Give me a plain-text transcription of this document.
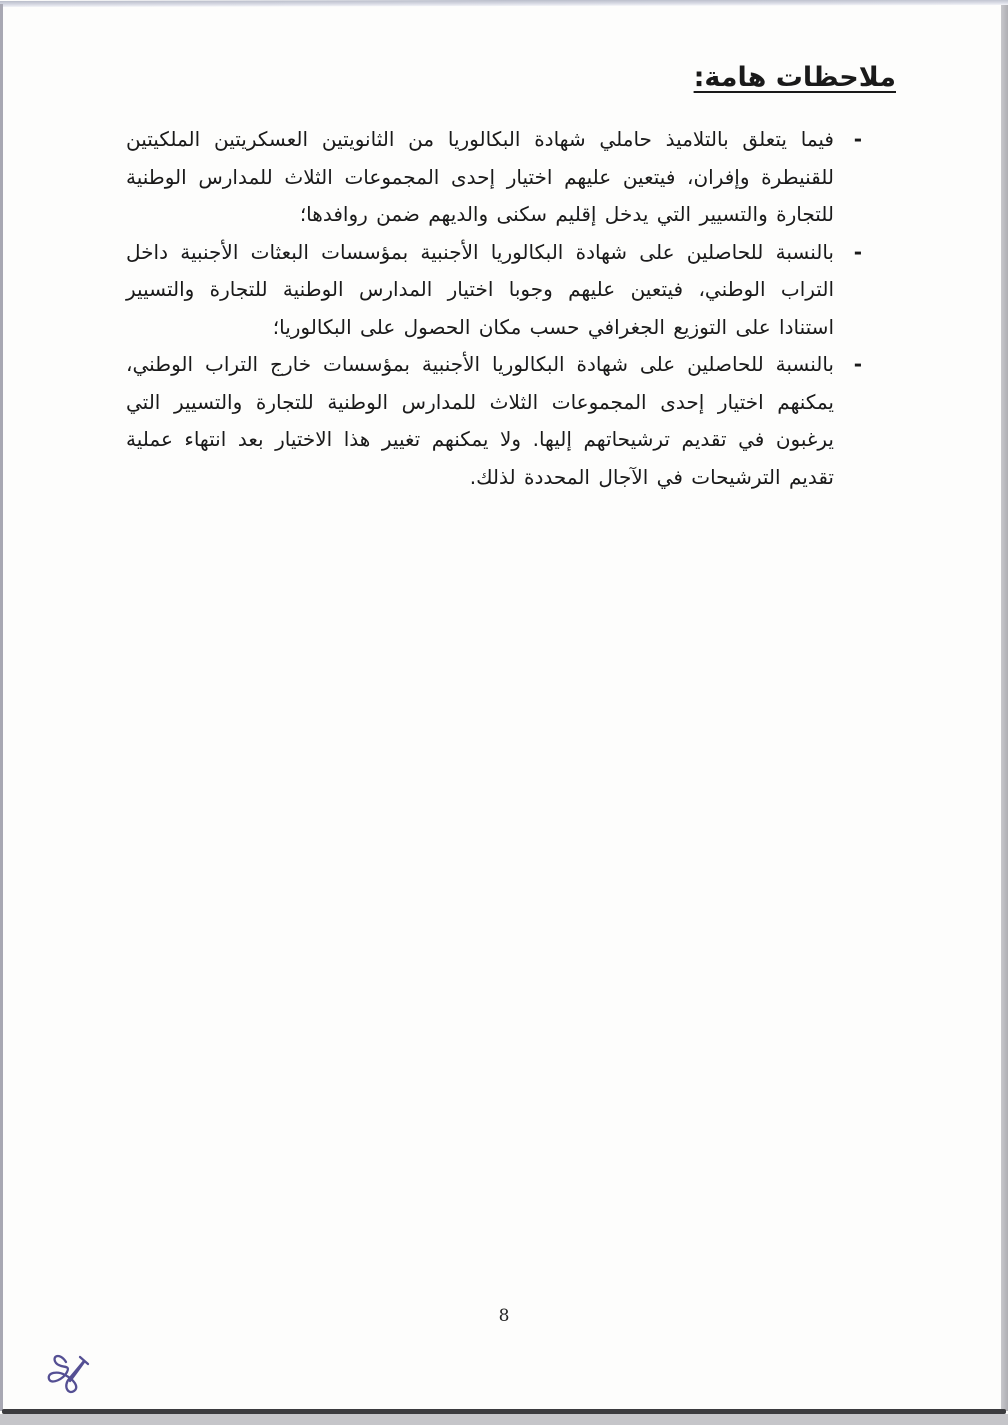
ملاحظات هامة:
-
فيما يتعلق بالتلاميذ حاملي شهادة البكالوريا من الثانويتين العسكريتين الملكيتين للقنيطرة وإفران، فيتعين عليهم اختيار إحدى المجموعات الثلاث للمدارس الوطنية للتجارة والتسيير التي يدخل إقليم سكنى والديهم ضمن روافدها؛
-
بالنسبة للحاصلين على شهادة البكالوريا الأجنبية بمؤسسات البعثات الأجنبية داخل التراب الوطني، فيتعين عليهم وجوبا اختيار المدارس الوطنية للتجارة والتسيير استنادا على التوزيع الجغرافي حسب مكان الحصول على البكالوريا؛
-
بالنسبة للحاصلين على شهادة البكالوريا الأجنبية بمؤسسات خارج التراب الوطني، يمكنهم اختيار إحدى المجموعات الثلاث للمدارس الوطنية للتجارة والتسيير التي يرغبون في تقديم ترشيحاتهم إليها. ولا يمكنهم تغيير هذا الاختيار بعد انتهاء عملية تقديم الترشيحات في الآجال المحددة لذلك.
8
